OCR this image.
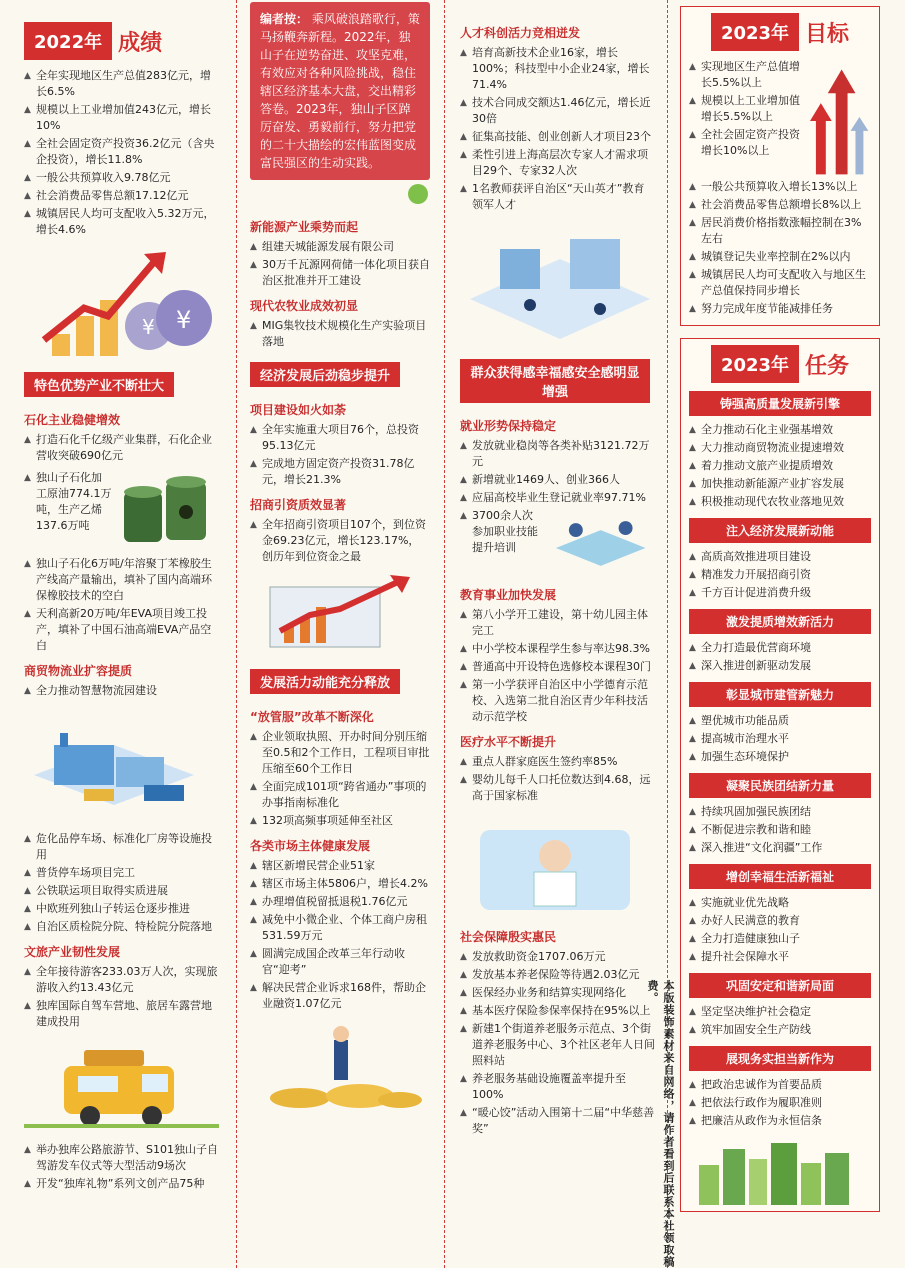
2022年 成绩
▲ 全年实现地区生产总值283亿元，增长6.5%
▲ 规模以上工业增加值243亿元，增长10%
▲ 全社会固定资产投资36.2亿元（含央企投资），增长11.8%
▲ 一般公共预算收入9.78亿元
▲ 社会消费品零售总额17.12亿元
▲ 城镇居民人均可支配收入5.32万元，增长4.6%
¥ ¥
特色优势产业不断壮大
石化主业稳健增效
▲ 打造石化千亿级产业集群，石化企业营收突破690亿元
▲ 独山子石化加工原油774.1万吨，生产乙烯137.6万吨
▲ 独山子石化6万吨/年溶聚丁苯橡胶生产线高产量输出，填补了国内高端环保橡胶技术的空白
▲ 天利高新20万吨/年EVA项目竣工投产，填补了中国石油高端EVA产品空白
商贸物流业扩容提质
▲ 全力推动智慧物流园建设
▲ 危化品停车场、标准化厂房等设施投用
▲ 普货停车场项目完工
▲ 公铁联运项目取得实质进展
▲ 中欧班列独山子转运仓逐步推进
▲ 自治区质检院分院、特检院分院落地
文旅产业韧性发展
▲ 全年接待游客233.03万人次，实现旅游收入约13.43亿元
▲ 独库国际自驾车营地、旅居车露营地建成投用
▲ 举办独库公路旅游节、S101独山子自驾游发车仪式等大型活动9场次
▲ 开发“独库礼物”系列文创产品75种
编者按： 乘风破浪踏歌行，策马扬鞭奔新程。2022年，独山子在逆势奋进、攻坚克难，有效应对各种风险挑战，稳住辖区经济基本大盘，交出精彩答卷。2023年，独山子区踔厉奋发、勇毅前行，努力把党的二十大描绘的宏伟蓝图变成富民强区的生动实践。
新能源产业乘势而起
▲ 组建天城能源发展有限公司
▲ 30万千瓦源网荷储一体化项目获自治区批准并开工建设
现代农牧业成效初显
▲ MIG集牧技术规模化生产实验项目落地
经济发展后劲稳步提升
项目建设如火如荼
▲ 全年实施重大项目76个，总投资95.13亿元
▲ 完成地方固定资产投资31.78亿元，增长21.3%
招商引资质效显著
▲ 全年招商引资项目107个，到位资金69.23亿元，增长123.17%，创历年到位资金之最
发展活力动能充分释放
“放管服”改革不断深化
▲ 企业领取执照、开办时间分别压缩至0.5和2个工作日，工程项目审批压缩至60个工作日
▲ 全面完成101项“跨省通办”事项的办事指南标准化
▲ 132项高频事项延伸至社区
各类市场主体健康发展
▲ 辖区新增民营企业51家
▲ 辖区市场主体5806户，增长4.2%
▲ 办理增值税留抵退税1.76亿元
▲ 减免中小微企业、个体工商户房租531.59万元
▲ 圆满完成国企改革三年行动收官“迎考”
▲ 解决民营企业诉求168件，帮助企业融资1.07亿元
人才科创活力竞相迸发
▲ 培育高新技术企业16家，增长100%；科技型中小企业24家，增长71.4%
▲ 技术合同成交额达1.46亿元，增长近30倍
▲ 征集高技能、创业创新人才项目23个
▲ 柔性引进上海高层次专家人才需求项目29个、专家32人次
▲ 1名教师获评自治区“天山英才”教育领军人才
群众获得感幸福感安全感明显增强
就业形势保持稳定
▲ 发放就业稳岗等各类补贴3121.72万元
▲ 新增就业1469人、创业366人
▲ 应届高校毕业生登记就业率97.71%
▲ 3700余人次参加职业技能提升培训
教育事业加快发展
▲ 第八小学开工建设，第十幼儿园主体完工
▲ 中小学校本课程学生参与率达98.3%
▲ 普通高中开设特色选修校本课程30门
▲ 第一小学获评自治区中小学德育示范校、入选第二批自治区青少年科技活动示范学校
医疗水平不断提升
▲ 重点人群家庭医生签约率85%
▲ 婴幼儿每千人口托位数达到4.68，远高于国家标准
社会保障殷实惠民
▲ 发放救助资金1707.06万元
▲ 发放基本养老保险等待遇2.03亿元
▲ 医保经办业务和结算实现网络化
▲ 基本医疗保险参保率保持在95%以上
▲ 新建1个街道养老服务示范点、3个街道养老服务中心、3个社区老年人日间照料站
▲ 养老服务基础设施覆盖率提升至100%
▲ “暖心饺”活动入围第十二届“中华慈善奖”	本版装饰素材来自网络，请作者看到后联系本社领取稿费。
2023年 目标
▲ 实现地区生产总值增长5.5%以上
▲ 规模以上工业增加值增长5.5%以上
▲ 全社会固定资产投资增长10%以上
▲ 一般公共预算收入增长13%以上
▲ 社会消费品零售总额增长8%以上
▲ 居民消费价格指数涨幅控制在3%左右
▲ 城镇登记失业率控制在2%以内
▲ 城镇居民人均可支配收入与地区生产总值保持同步增长
▲ 努力完成年度节能减排任务
2023年 任务
铸强高质量发展新引擎
▲ 全力推动石化主业强基增效
▲ 大力推动商贸物流业提速增效
▲ 着力推动文旅产业提质增效
▲ 加快推动新能源产业扩容发展
▲ 积极推动现代农牧业落地见效
注入经济发展新动能
▲ 高质高效推进项目建设
▲ 精准发力开展招商引资
▲ 千方百计促进消费升级
激发提质增效新活力
▲ 全力打造最优营商环境
▲ 深入推进创新驱动发展
彰显城市建管新魅力
▲ 塑优城市功能品质
▲ 提高城市治理水平
▲ 加强生态环境保护
凝聚民族团结新力量
▲ 持续巩固加强民族团结
▲ 不断促进宗教和谐和睦
▲ 深入推进“文化润疆”工作
增创幸福生活新福祉
▲ 实施就业优先战略
▲ 办好人民满意的教育
▲ 全力打造健康独山子
▲ 提升社会保障水平
巩固安定和谐新局面
▲ 坚定坚决维护社会稳定
▲ 筑牢加固安全生产防线
展现务实担当新作为
▲ 把政治忠诚作为首要品质
▲ 把依法行政作为履职准则
▲ 把廉洁从政作为永恒信条
